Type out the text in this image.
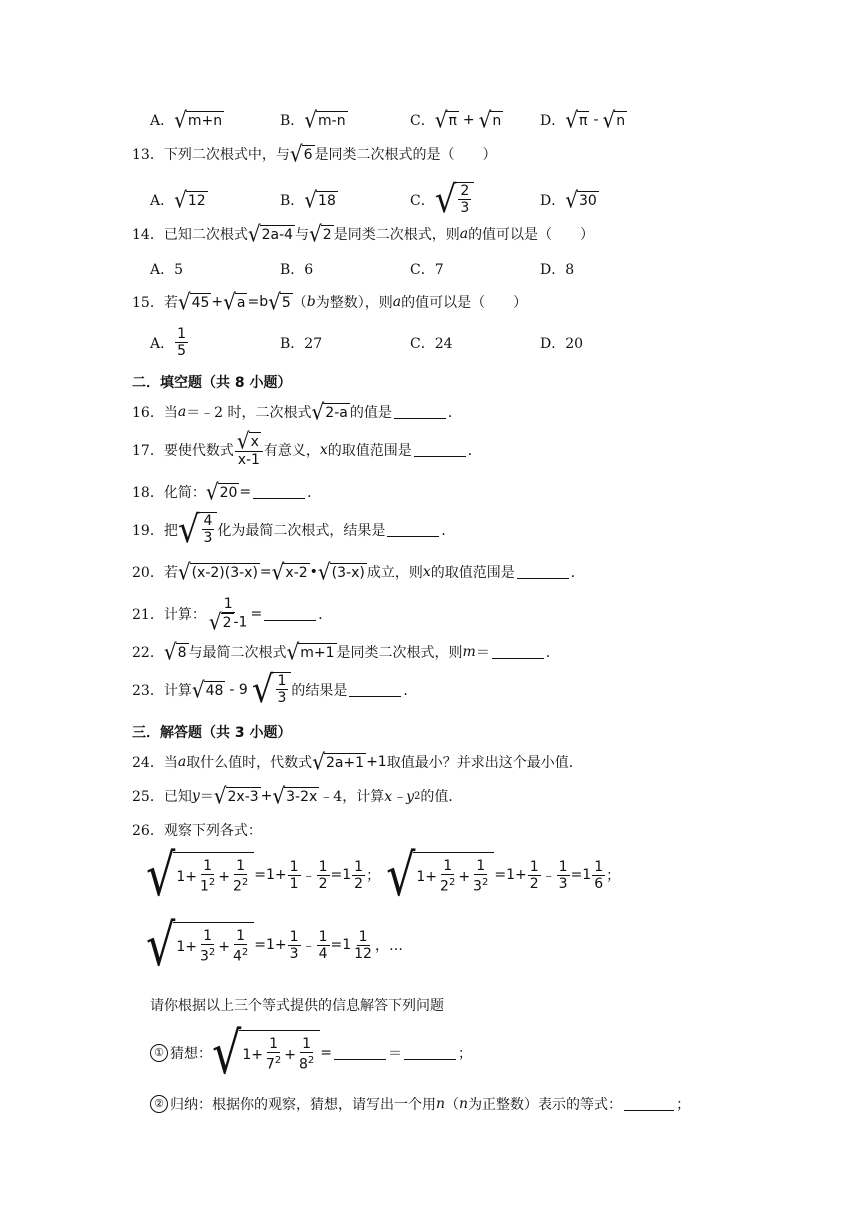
A． √ m+n	B． √ m-n	C． √ π + √ n	D． √ π - √ n
13． 下列二次根式中，与 √ 6 是同类二次根式的是（　　）
A． √ 12	B． √ 18	C． √ $\frac{2}{3}$	D． √ 30
14． 已知二次根式 √ 2a-4 与 √ 2 是同类二次根式，则 a 的值可以是（　　）
A．5	B．6	C．7	D．8
15． 若 √ 45 + √ a =b √ 5 （ b 为整数），则 a 的值可以是（　　）
A． $\frac{1}{5}$	B．27	C．24	D．20
二．填空题（共 8 小题）
16． 当 a ＝﹣2 时，二次根式 √ 2-a 的值是	．
17． 要使代数式 $\frac{√ x}{x-1}$ 有意义， x 的取值范围是	．
18． 化简： √ 20 =	．
19． 把 √ $\frac{4}{3}$ 化为最简二次根式，结果是	．
20． 若 √ (x-2)(3-x) = √ x-2 • √ (3-x) 成立，则 x 的取值范围是	．
21． 计算： $\frac{1}{√ 2 -1}$ =	．
22． √ 8 与最简二次根式 √ m+1 是同类二次根式，则 m ＝	．
23． 计算 √ 48 - 9 √ $\frac{1}{3}$ 的结果是	．
三．解答题（共 3 小题）
24． 当 a 取什么值时，代数式 √ 2a+1 +1 取值最小？并求出这个最小值．
25． 已知 y ＝ √ 2x-3 + √ 3-2x ﹣4，计算 x﹣y 2 的值．
26． 观察下列各式：
√ $1+ \frac{1}{1^2} + \frac{1}{2^2} =1+ \frac{1}{1}$ ﹣ $\frac{1}{2} =1 \frac{1}{2}$ ； √ $1+ \frac{1}{2^2} + \frac{1}{3^2} =1+ \frac{1}{2}$ ﹣ $\frac{1}{3} =1 \frac{1}{6}$ ；
√ $1+ \frac{1}{3^2} + \frac{1}{4^2} =1+ \frac{1}{3}$ ﹣ $\frac{1}{4} =1 \frac{1}{12}$ ，…
请你根据以上三个等式提供的信息解答下列问题
① 猜想： √ $1+ \frac{1}{7^2} + \frac{1}{8^2}$ =	＝	；
② 归纳：根据你的观察，猜想，请写出一个用 n （ n 为正整数）表示的等式：	；
